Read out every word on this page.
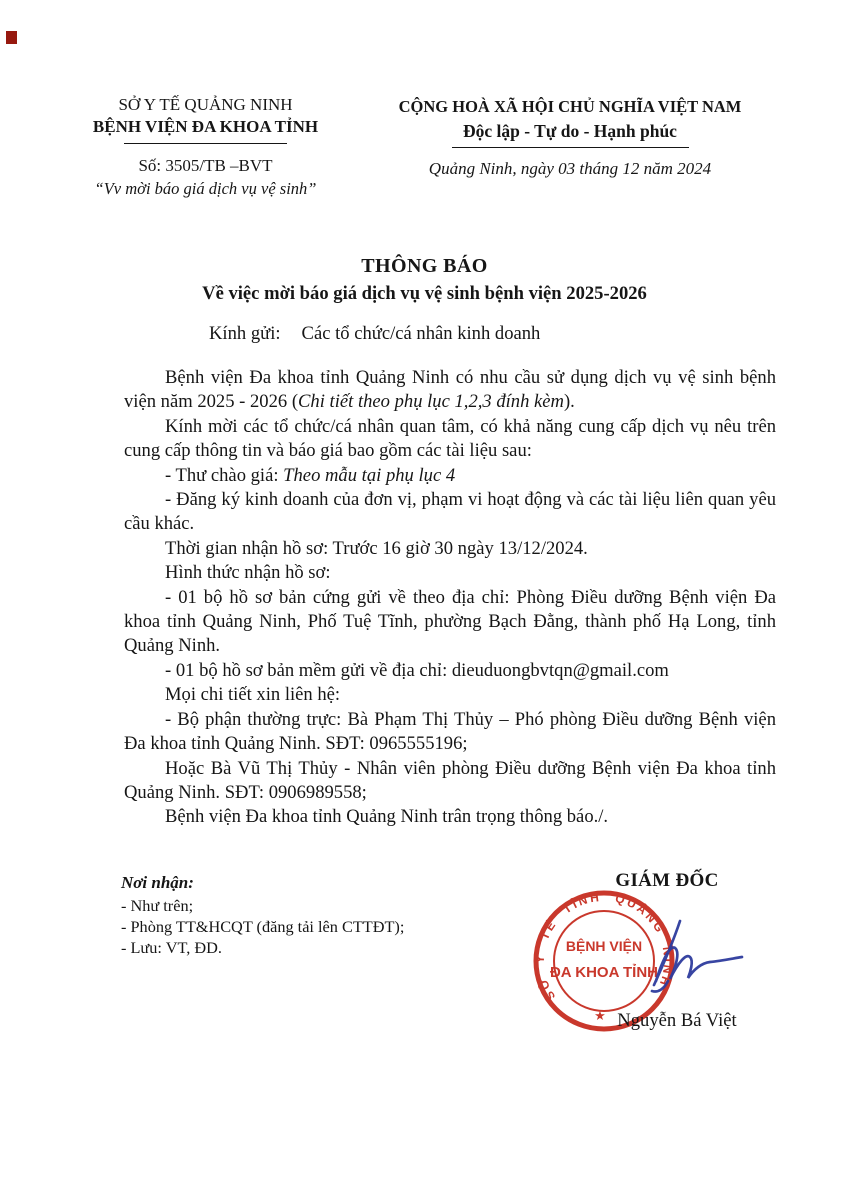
SỞ Y TẾ QUẢNG NINH
BỆNH VIỆN ĐA KHOA TỈNH
Số: 3505/TB –BVT
“Vv mời báo giá dịch vụ vệ sinh”
CỘNG HOÀ XÃ HỘI CHỦ NGHĨA VIỆT NAM
Độc lập - Tự do - Hạnh phúc
Quảng Ninh, ngày 03 tháng 12 năm 2024
THÔNG BÁO
Về việc mời báo giá dịch vụ vệ sinh bệnh viện 2025-2026
Kính gửi: Các tổ chức/cá nhân kinh doanh

Bệnh viện Đa khoa tỉnh Quảng Ninh có nhu cầu sử dụng dịch vụ vệ sinh bệnh viện năm 2025 - 2026 (Chi tiết theo phụ lục 1,2,3 đính kèm).

Kính mời các tổ chức/cá nhân quan tâm, có khả năng cung cấp dịch vụ nêu trên cung cấp thông tin và báo giá bao gồm các tài liệu sau:

- Thư chào giá: Theo mẫu tại phụ lục 4

- Đăng ký kinh doanh của đơn vị, phạm vi hoạt động và các tài liệu liên quan yêu cầu khác.

Thời gian nhận hồ sơ: Trước 16 giờ 30 ngày 13/12/2024.

Hình thức nhận hồ sơ:

- 01 bộ hồ sơ bản cứng gửi về theo địa chỉ: Phòng Điều dưỡng Bệnh viện Đa khoa tỉnh Quảng Ninh, Phố Tuệ Tĩnh, phường Bạch Đằng, thành phố Hạ Long, tỉnh Quảng Ninh.

- 01 bộ hồ sơ bản mềm gửi về địa chỉ: dieuduongbvtqn@gmail.com

Mọi chi tiết xin liên hệ:

- Bộ phận thường trực: Bà Phạm Thị Thủy – Phó phòng Điều dưỡng Bệnh viện Đa khoa tỉnh Quảng Ninh. SĐT: 0965555196;

Hoặc Bà Vũ Thị Thủy - Nhân viên phòng Điều dưỡng Bệnh viện Đa khoa tỉnh Quảng Ninh. SĐT: 0906989558;

Bệnh viện Đa khoa tỉnh Quảng Ninh trân trọng thông báo./.

Nơi nhận:
- Như trên;
- Phòng TT&HCQT (đăng tải lên CTTĐT);
- Lưu: VT, ĐD.
GIÁM ĐỐC
SỞ Y TẾ TỈNH QUẢNG NINH
BỆNH VIỆN
ĐA KHOA TỈNH
★ Nguyễn Bá Việt
